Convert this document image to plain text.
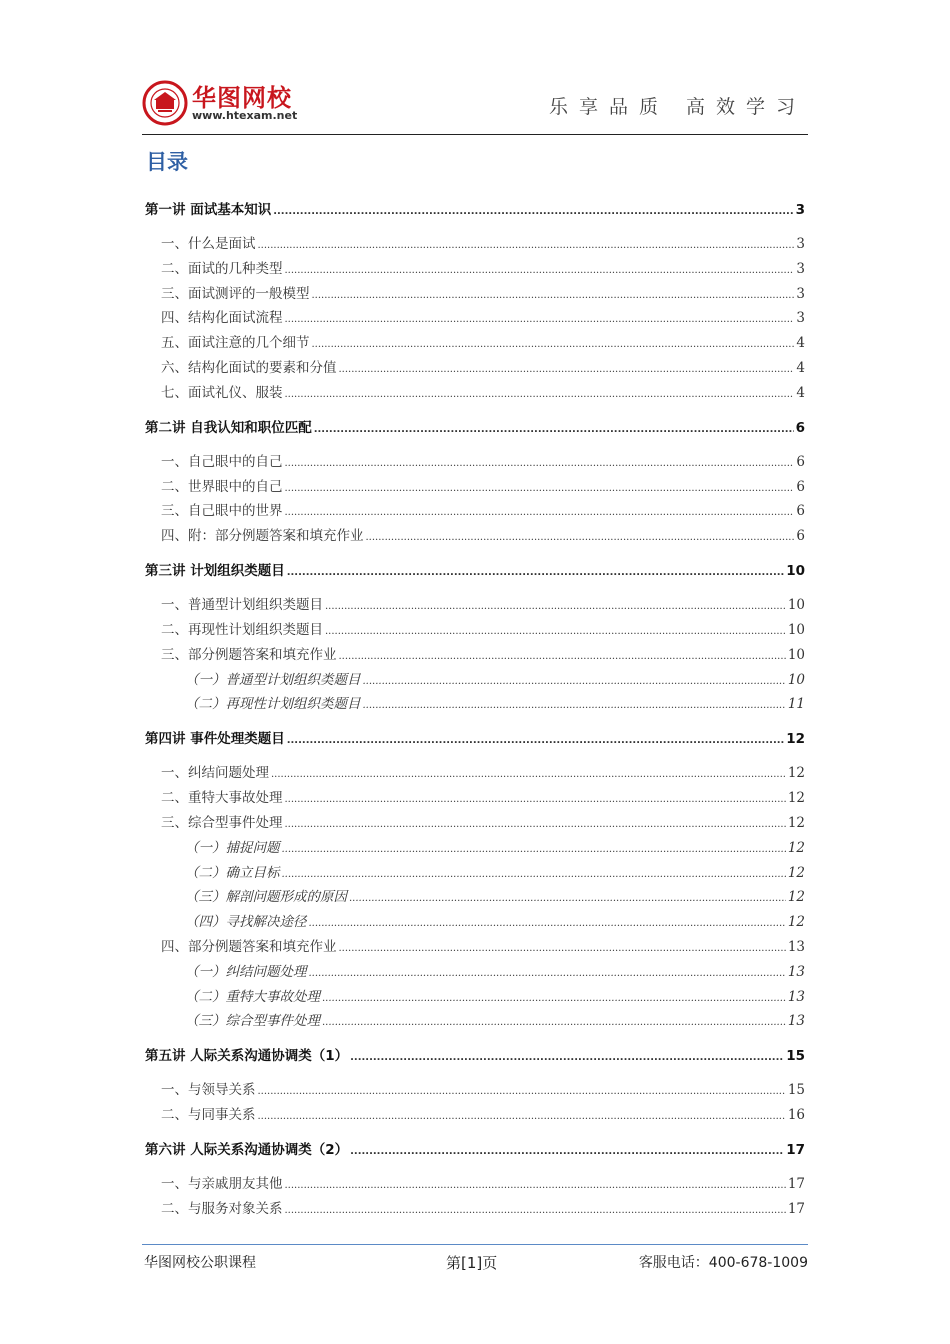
华图网校
www.htexam.net	乐享品质 高效学习
目录
第一讲 面试基本知识 .....	3
一、什么是面试 .....	3
二、面试的几种类型 .....	3
三、面试测评的一般模型 .....	3
四、结构化面试流程 .....	3
五、面试注意的几个细节 .....	4
六、结构化面试的要素和分值 .....	4
七、面试礼仪、服装 .....	4
第二讲 自我认知和职位匹配 .....	6
一、自己眼中的自己 .....	6
二、世界眼中的自己 .....	6
三、自己眼中的世界 .....	6
四、附：部分例题答案和填充作业 .....	6
第三讲 计划组织类题目 .....	10
一、普通型计划组织类题目 .....	10
二、再现性计划组织类题目 .....	10
三、部分例题答案和填充作业 .....	10
（一）普通型计划组织类题目 .....	10
（二）再现性计划组织类题目 .....	11
第四讲 事件处理类题目 .....	12
一、纠结问题处理 .....	12
二、重特大事故处理 .....	12
三、综合型事件处理 .....	12
（一）捕捉问题 .....	12
（二）确立目标 .....	12
（三）解剖问题形成的原因 .....	12
（四）寻找解决途径 .....	12
四、部分例题答案和填充作业 .....	13
（一）纠结问题处理 .....	13
（二）重特大事故处理 .....	13
（三）综合型事件处理 .....	13
第五讲 人际关系沟通协调类（1） .....	15
一、与领导关系 .....	15
二、与同事关系 .....	16
第六讲 人际关系沟通协调类（2） .....	17
一、与亲戚朋友其他 .....	17
二、与服务对象关系 .....	17
华图网校公职课程	第[1]页	客服电话：400-678-1009
